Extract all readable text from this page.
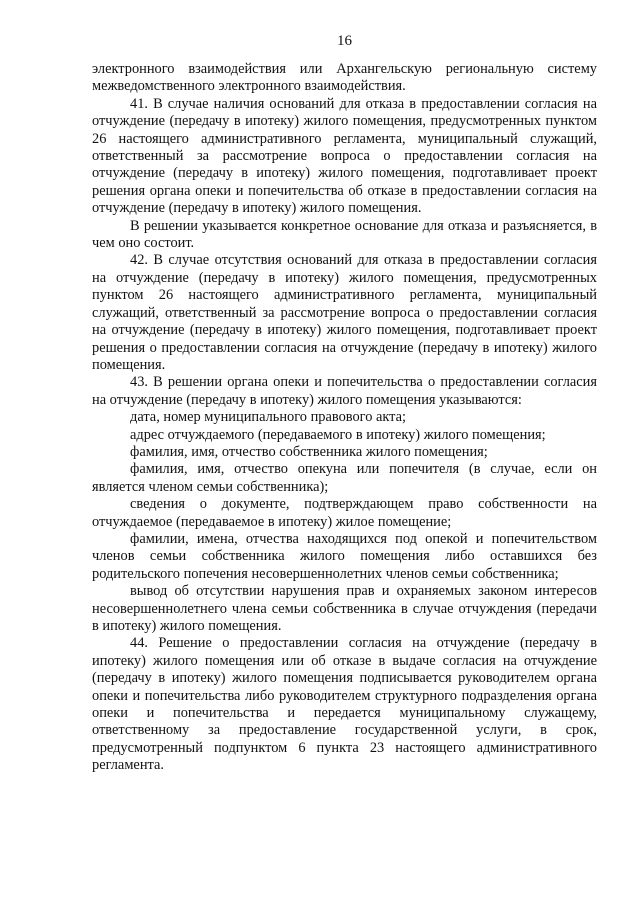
16

электронного взаимодействия или Архангельскую региональную систему межведомственного электронного взаимодействия.

41. В случае наличия оснований для отказа в предоставлении согласия на отчуждение (передачу в ипотеку) жилого помещения, предусмотренных пунктом 26 настоящего административного регламента, муниципальный служащий, ответственный за рассмотрение вопроса о предоставлении согласия на отчуждение (передачу в ипотеку) жилого помещения, подготавливает проект решения органа опеки и попечительства об отказе в предоставлении согласия на отчуждение (передачу в ипотеку) жилого помещения.

В решении указывается конкретное основание для отказа и разъясняется, в чем оно состоит.

42. В случае отсутствия оснований для отказа в предоставлении согласия на отчуждение (передачу в ипотеку) жилого помещения, предусмотренных пунктом 26 настоящего административного регламента, муниципальный служащий, ответственный за рассмотрение вопроса о предоставлении согласия на отчуждение (передачу в ипотеку) жилого помещения, подготавливает проект решения о предоставлении согласия на отчуждение (передачу в ипотеку) жилого помещения.

43. В решении органа опеки и попечительства о предоставлении согласия на отчуждение (передачу в ипотеку) жилого помещения указываются:

дата, номер муниципального правового акта;

адрес отчуждаемого (передаваемого в ипотеку) жилого помещения;

фамилия, имя, отчество собственника жилого помещения;

фамилия, имя, отчество опекуна или попечителя (в случае, если он является членом семьи собственника);

сведения о документе, подтверждающем право собственности на отчуждаемое (передаваемое в ипотеку) жилое помещение;

фамилии, имена, отчества находящихся под опекой и попечительством членов семьи собственника жилого помещения либо оставшихся без родительского попечения несовершеннолетних членов семьи собственника;

вывод об отсутствии нарушения прав и охраняемых законом интересов несовершеннолетнего члена семьи собственника в случае отчуждения (передачи в ипотеку) жилого помещения.

44. Решение о предоставлении согласия на отчуждение (передачу в ипотеку) жилого помещения или об отказе в выдаче согласия на отчуждение (передачу в ипотеку) жилого помещения подписывается руководителем органа опеки и попечительства либо руководителем структурного подразделения органа опеки и попечительства и передается муниципальному служащему, ответственному за предоставление государственной услуги, в срок, предусмотренный подпунктом 6 пункта 23 настоящего административного регламента.
